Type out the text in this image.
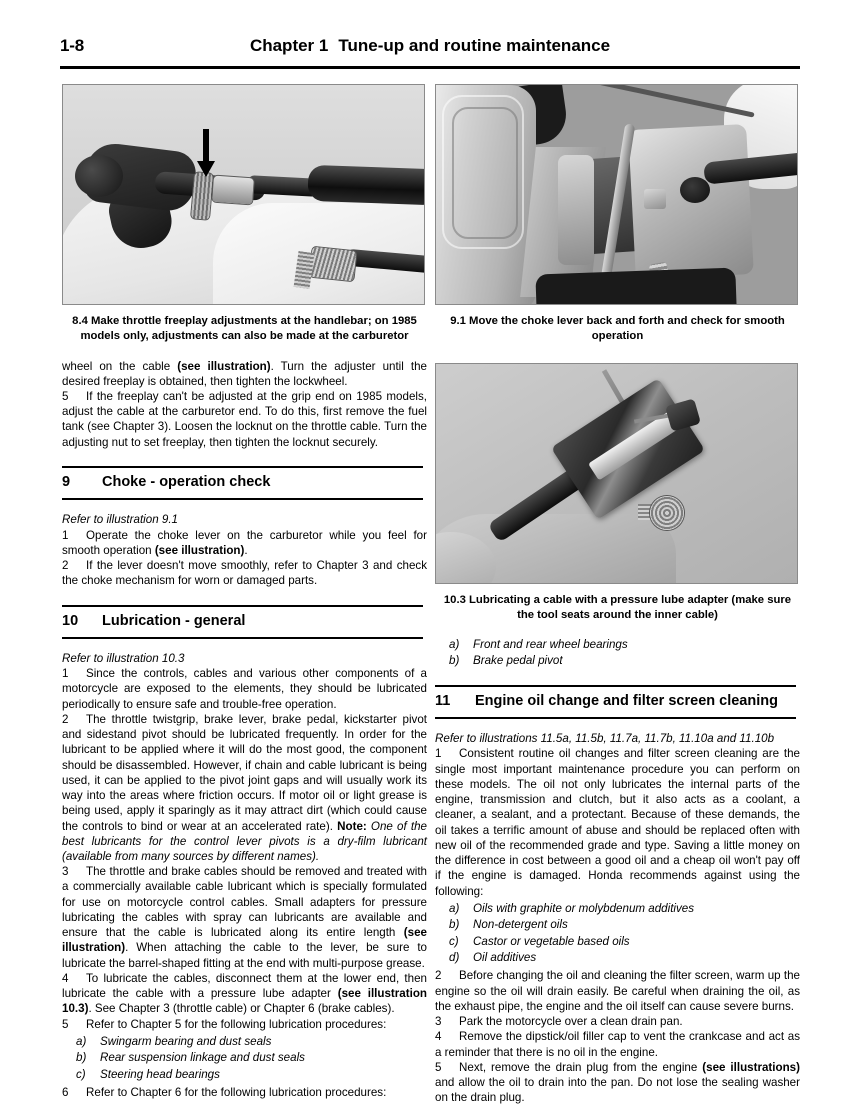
1-8	Chapter 1 Tune-up and routine maintenance
8.4 Make throttle freeplay adjustments at the handlebar; on 1985 models only, adjustments can also be made at the carburetor

wheel on the cable (see illustration). Turn the adjuster until the desired freeplay is obtained, then tighten the lockwheel.

5 If the freeplay can't be adjusted at the grip end on 1985 models, adjust the cable at the carburetor end. To do this, first remove the fuel tank (see Chapter 3). Loosen the locknut on the throttle cable. Turn the adjusting nut to set freeplay, then tighten the locknut securely.

9 Choke - operation check

Refer to illustration 9.1

1 Operate the choke lever on the carburetor while you feel for smooth operation (see illustration).

2 If the lever doesn't move smoothly, refer to Chapter 3 and check the choke mechanism for worn or damaged parts.

10 Lubrication - general

Refer to illustration 10.3

1 Since the controls, cables and various other components of a motorcycle are exposed to the elements, they should be lubricated periodically to ensure safe and trouble-free operation.

2 The throttle twistgrip, brake lever, brake pedal, kickstarter pivot and sidestand pivot should be lubricated frequently. In order for the lubricant to be applied where it will do the most good, the component should be disassembled. However, if chain and cable lubricant is being used, it can be applied to the pivot joint gaps and will usually work its way into the areas where friction occurs. If motor oil or light grease is being used, apply it sparingly as it may attract dirt (which could cause the controls to bind or wear at an accelerated rate). Note: One of the best lubricants for the control lever pivots is a dry-film lubricant (available from many sources by different names).

3 The throttle and brake cables should be removed and treated with a commercially available cable lubricant which is specially formulated for use on motorcycle control cables. Small adapters for pressure lubricating the cables with spray can lubricants are available and ensure that the cable is lubricated along its entire length (see illustration). When attaching the cable to the lever, be sure to lubricate the barrel-shaped fitting at the end with multi-purpose grease.

4 To lubricate the cables, disconnect them at the lower end, then lubricate the cable with a pressure lube adapter (see illustration 10.3). See Chapter 3 (throttle cable) or Chapter 6 (brake cables).

5 Refer to Chapter 5 for the following lubrication procedures:

a) Swingarm bearing and dust seals
b) Rear suspension linkage and dust seals
c) Steering head bearings

6 Refer to Chapter 6 for the following lubrication procedures:

9.1 Move the choke lever back and forth and check for smooth operation
10.3 Lubricating a cable with a pressure lube adapter (make sure the tool seats around the inner cable)
a) Front and rear wheel bearings
b) Brake pedal pivot
11 Engine oil change and filter screen cleaning

Refer to illustrations 11.5a, 11.5b, 11.7a, 11.7b, 11.10a and 11.10b

1 Consistent routine oil changes and filter screen cleaning are the single most important maintenance procedure you can perform on these models. The oil not only lubricates the internal parts of the engine, transmission and clutch, but it also acts as a coolant, a cleaner, a sealant, and a protectant. Because of these demands, the oil takes a terrific amount of abuse and should be replaced often with new oil of the recommended grade and type. Saving a little money on the difference in cost between a good oil and a cheap oil won't pay off if the engine is damaged. Honda recommends against using the following:

a) Oils with graphite or molybdenum additives
b) Non-detergent oils
c) Castor or vegetable based oils
d) Oil additives

2 Before changing the oil and cleaning the filter screen, warm up the engine so the oil will drain easily. Be careful when draining the oil, as the exhaust pipe, the engine and the oil itself can cause severe burns.

3 Park the motorcycle over a clean drain pan.

4 Remove the dipstick/oil filler cap to vent the crankcase and act as a reminder that there is no oil in the engine.

5 Next, remove the drain plug from the engine (see illustrations) and allow the oil to drain into the pan. Do not lose the sealing washer on the drain plug.
